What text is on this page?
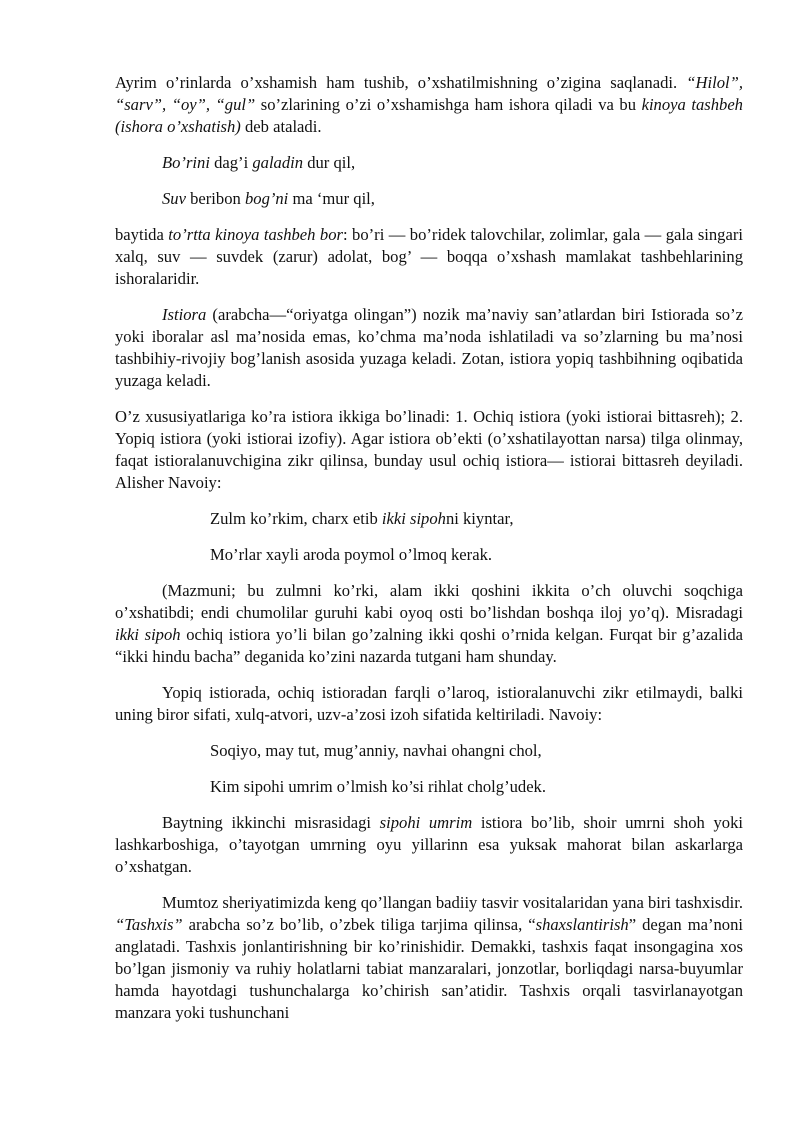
Ayrim o’rinlarda o’xshamish ham tushib, o’xshatilmishning o’zigina saqlanadi. “Hilol”, “sarv”, “oy”, “gul” so’zlarining o’zi o’xshamishga ham ishora qiladi va bu kinoya tashbeh (ishora o’xshatish) deb ataladi.

Bo’rini dag’i galadin dur qil,

Suv beribon bog’ni ma ‘mur qil,

baytida to’rtta kinoya tashbeh bor: bo’ri — bo’ridek talovchilar, zolimlar, gala — gala singari xalq, suv — suvdek (zarur) adolat, bog’ — boqqa o’xshash mamlakat tashbehlarining ishoralaridir.

Istiora (arabcha—“oriyatga olingan”) nozik ma’naviy san’atlardan biri Istiorada so’z yoki iboralar asl ma’nosida emas, ko’chma ma’noda ishlatiladi va so’zlarning bu ma’nosi tashbihiy-rivojiy bog’lanish asosida yuzaga keladi. Zotan, istiora yopiq tashbihning oqibatida yuzaga keladi.

O’z xususiyatlariga ko’ra istiora ikkiga bo’linadi: 1. Ochiq istiora (yoki istiorai bittasreh); 2. Yopiq istiora (yoki istiorai izofiy). Agar istiora ob’ekti (o’xshatilayottan narsa) tilga olinmay, faqat istioralanuvchigina zikr qilinsa, bunday usul ochiq istiora— istiorai bittasreh deyiladi.        Alisher Navoiy:

Zulm ko’rkim, charx etib ikki sipohni kiyntar,

Mo’rlar xayli aroda poymol o’lmoq kerak.

(Mazmuni; bu zulmni ko’rki, alam ikki qoshini ikkita o’ch oluvchi soqchiga o’xshatibdi; endi chumolilar guruhi kabi oyoq osti bo’lishdan boshqa iloj yo’q). Misradagi ikki sipoh ochiq istiora yo’li bilan go’zalning ikki qoshi o’rnida kelgan. Furqat bir g’azalida “ikki hindu bacha” deganida ko’zini nazarda tutgani ham shunday.

Yopiq istiorada, ochiq istioradan farqli o’laroq, istioralanuvchi zikr etilmaydi, balki uning biror sifati, xulq-atvori, uzv-a’zosi izoh sifatida keltiriladi. Navoiy:

Soqiyo, may tut, mug’anniy, navhai ohangni chol,

Kim sipohi umrim o’lmish ko’si rihlat cholg’udek.

Baytning ikkinchi misrasidagi sipohi umrim istiora bo’lib, shoir umrni shoh yoki lashkarboshiga, o’tayotgan umrning oyu yillarinn esa yuksak mahorat bilan askarlarga o’xshatgan.

Mumtoz sheriyatimizda keng qo’llangan badiiy tasvir vositalaridan yana biri tashxisdir. “Tashxis” arabcha so’z bo’lib, o’zbek tiliga tarjima qilinsa, “shaxslantirish” degan ma’noni anglatadi. Tashxis jonlantirishning bir ko’rinishidir. Demakki, tashxis faqat insongagina xos bo’lgan jismoniy va ruhiy holatlarni tabiat manzaralari, jonzotlar, borliqdagi narsa-buyumlar hamda hayotdagi tushunchalarga ko’chirish san’atidir. Tashxis orqali tasvirlanayotgan manzara yoki tushunchani
